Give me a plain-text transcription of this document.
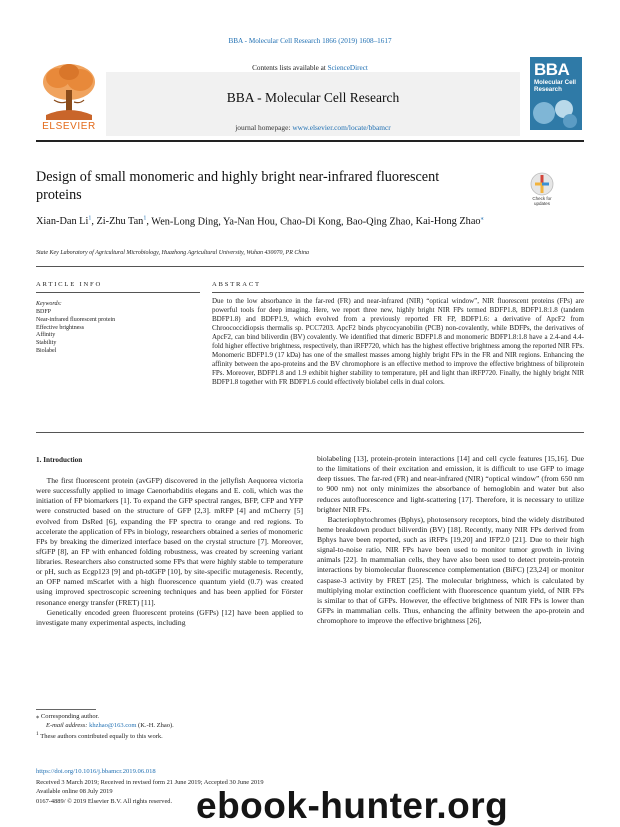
BBA - Molecular Cell Research 1866 (2019) 1608–1617
ELSEVIER
Contents lists available at ScienceDirect
BBA - Molecular Cell Research
journal homepage: www.elsevier.com/locate/bbamcr
BBA
Molecular Cell Research
Design of small monomeric and highly bright near-infrared fluorescent proteins	Check for
updates
Xian-Dan Li$^1$, Zi-Zhu Tan$^1$, Wen-Long Ding, Ya-Nan Hou, Chao-Di Kong, Bao-Qing Zhao, Kai-Hong Zhao⁎
State Key Laboratory of Agricultural Microbiology, Huazhong Agricultural University, Wuhan 430070, PR China
ARTICLE INFO	ABSTRACT
Keywords:
BDFP
Near-infrared fluorescent protein
Effective brightness
Affinity
Stability
Biolabel
Due to the low absorbance in the far-red (FR) and near-infrared (NIR) “optical window”, NIR fluorescent proteins (FPs) are powerful tools for deep imaging. Here, we report three new, highly bright NIR FPs termed BDFP1.8, BDFP1.8:1.8 (tandem BDFP1.8) and BDFP1.9, which evolved from a previously reported FR FP, BDFP1.6: a derivative of ApcF2 from Chroococcidiopsis thermalis sp. PCC7203. ApcF2 binds phycocyanobilin (PCB) non-covalently, while BDFPs, the derivatives of ApcF2, can bind biliverdin (BV) covalently. We identified that dimeric BDFP1.8 and monomeric BDFP1.8:1.8 have a 2.4-and 4.4-fold higher effective brightness, respectively, than iRFP720, which has the highest effective brightness among the reported NIR FPs. Monomeric BDFP1.9 (17 kDa) has one of the smallest masses among highly bright FPs in the FR and NIR regions. Enhancing the affinity between the apo-proteins and the BV chromophore is an effective method to improve the effective brightness of biliprotein FPs. Moreover, BDFP1.8 and 1.9 exhibit higher stability to temperature, pH and light than iRFP720. Finally, the highly bright NIR BDFP1.8 together with FR BDFP1.6 could effectively biolabel cells in dual colors.
1. Introduction

The first fluorescent protein (avGFP) discovered in the jellyfish Aequorea victoria were successfully applied to image Caenorhabditis elegans and E. coli, which was the initiation of FP biomarkers [1]. To expand the GFP spectral ranges, BFP, CFP and YFP were constructed based on the structure of GFP [2,3]. mRFP [4] and mCherry [5] evolved from DsRed [6], expanding the FP spectra to orange and red regions. To accelerate the application of FPs in biology, researchers obtained a series of monomeric FPs by breaking the dimerized interface based on the crystal structure [7]. Moreover, sfGFP [8], an FP with enhanced folding robustness, was created by screening variant libraries. Researchers also constructed some FPs that were highly stable to temperature or pH, such as Ecgp123 [9] and ph-tdGFP [10], by site-specific mutagenesis. Recently, an OFP named mScarlet with a high fluorescence quantum yield (0.7) was created using improved spectroscopic screening techniques and has been applied for Förster resonance energy transfer (FRET) [11].

Genetically encoded green fluorescent proteins (GFPs) [12] have been applied to investigate many experimental aspects, including

biolabeling [13], protein-protein interactions [14] and cell cycle features [15,16]. Due to the limitations of their excitation and emission, it is difficult to use GFP to image deep tissues. The far-red (FR) and near-infrared (NIR) “optical window” (from 650 nm to 900 nm) not only minimizes the absorbance of hemoglobin and water but also reduces autofluorescence and light-scattering [17]. Therefore, it is necessary to utilize brighter NIR FPs.

Bacteriophytochromes (Bphys), photosensory receptors, bind the widely distributed heme breakdown product biliverdin (BV) [18]. Recently, many NIR FPs derived from Bphys have been reported, such as iRFPs [19,20] and IFP2.0 [21]. Due to their high signal-to-noise ratio, NIR FPs have been used to monitor tumor growth in living animals [22]. In mammalian cells, they have also been used to detect protein-protein interactions by biomolecular fluorescence complementation (BiFC) [23,24] or monitor caspase-3 activity by FRET [25]. The molecular brightness, which is calculated by multiplying molar extinction coefficient with fluorescence quantum yield, of NIR FPs is similar to that of GFPs. However, the effective brightness of NIR FPs is lower than GFPs in mammalian cells. Thus, enhancing the affinity between the apo-protein and chromophore to improve the effective brightness [26],

⁎ Corresponding author.
E-mail address: khzhao@163.com (K.-H. Zhao).
$^1$ These authors contributed equally to this work.
https://doi.org/10.1016/j.bbamcr.2019.06.018
Received 3 March 2019; Received in revised form 21 June 2019; Accepted 30 June 2019
Available online 08 July 2019
0167-4889/ © 2019 Elsevier B.V. All rights reserved. ebook-hunter.org
